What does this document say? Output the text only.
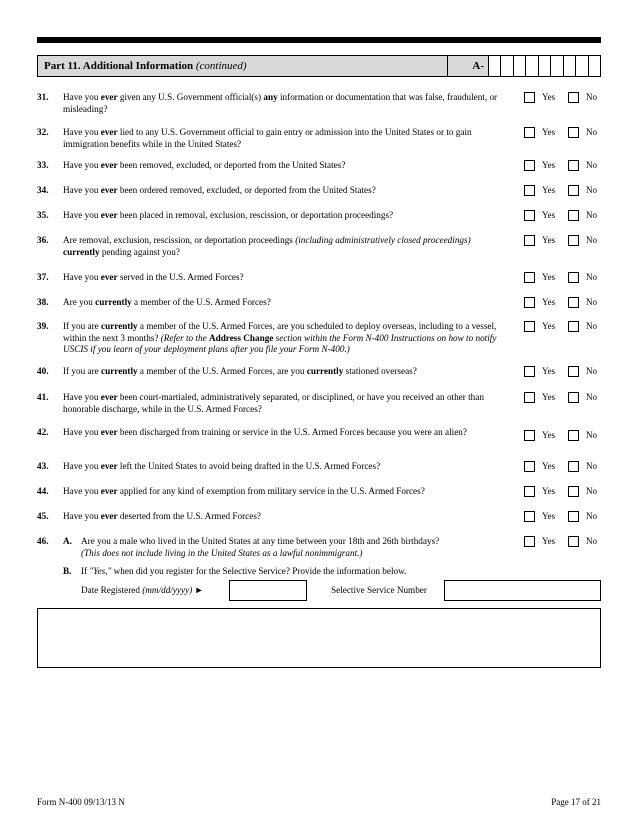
Part 11. Additional Information (continued)	A-
31. Have you ever given any U.S. Government official(s) any information or documentation that was false, fraudulent, or misleading?
Yes	No
32. Have you ever lied to any U.S. Government official to gain entry or admission into the United States or to gain immigration benefits while in the United States?
Yes	No
33. Have you ever been removed, excluded, or deported from the United States?	Yes	No
34. Have you ever been ordered removed, excluded, or deported from the United States?	Yes	No
35. Have you ever been placed in removal, exclusion, rescission, or deportation proceedings?	Yes	No
36. Are removal, exclusion, rescission, or deportation proceedings (including administratively closed proceedings) currently pending against you?
Yes	No
37. Have you ever served in the U.S. Armed Forces?	Yes	No
38. Are you currently a member of the U.S. Armed Forces?	Yes	No
39. If you are currently a member of the U.S. Armed Forces, are you scheduled to deploy overseas, including to a vessel, within the next 3 months? (Refer to the Address Change section within the Form N-400 Instructions on how to notify USCIS if you learn of your deployment plans after you file your Form N-400.)
Yes	No
40. If you are currently a member of the U.S. Armed Forces, are you currently stationed overseas?	Yes	No
41. Have you ever been court-martialed, administratively separated, or disciplined, or have you received an other than honorable discharge, while in the U.S. Armed Forces?
Yes	No
42. Have you ever been discharged from training or service in the U.S. Armed Forces because you were an alien?	Yes	No
43. Have you ever left the United States to avoid being drafted in the U.S. Armed Forces?	Yes	No
44. Have you ever applied for any kind of exemption from military service in the U.S. Armed Forces?	Yes	No
45. Have you ever deserted from the U.S. Armed Forces?	Yes	No
46. A. Are you a male who lived in the United States at any time between your 18th and 26th birthdays?
(This does not include living in the United States as a lawful nonimmigrant.)
Yes	No
B. If "Yes," when did you register for the Selective Service? Provide the information below.
Date Registered (mm/dd/yyyy) ►	Selective Service Number
Form N-400 09/13/13 N	Page 17 of 21
